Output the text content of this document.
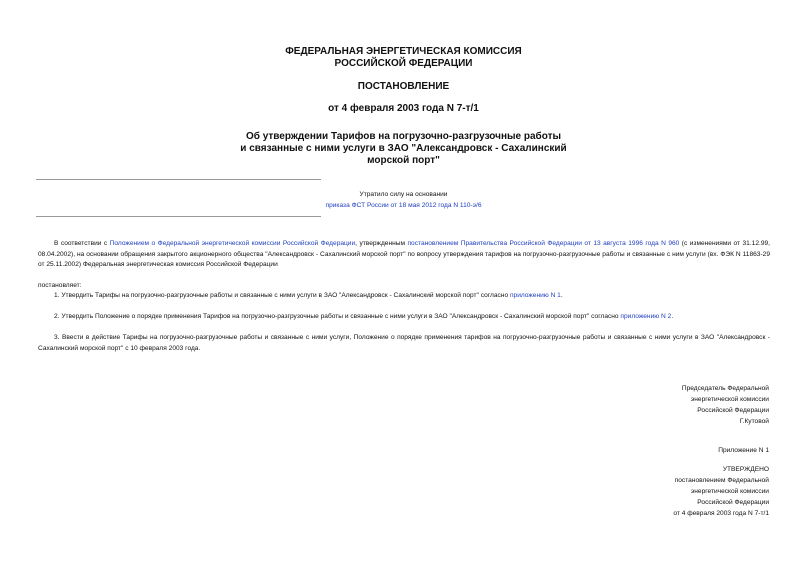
ФЕДЕРАЛЬНАЯ ЭНЕРГЕТИЧЕСКАЯ КОМИССИЯ
РОССИЙСКОЙ ФЕДЕРАЦИИ
ПОСТАНОВЛЕНИЕ
от 4 февраля 2003 года N 7-т/1
Об утверждении Тарифов на погрузочно-разгрузочные работы
и связанные с ними услуги в ЗАО "Александровск - Сахалинский
морской порт"
Утратило силу на основании
приказа ФСТ России от 18 мая 2012 года N 110-э/6
В соответствии с Положением о Федеральной энергетической комиссии Российской Федерации, утвержденным постановлением Правительства Российской Федерации от 13 августа 1996 года N 960 (с изменениями от 31.12.99, 08.04.2002), на основании обращения закрытого акционерного общества "Александровск - Сахалинский морской порт" по вопросу утверждения тарифов на погрузочно-разгрузочные работы и связанные с ним услуги (вх. ФЭК N 11863-29 от 25.11.2002) Федеральная энергетическая комиссия Российской Федерации
постановляет:
1. Утвердить Тарифы на погрузочно-разгрузочные работы и связанные с ними услуги в ЗАО "Александровск - Сахалинский морской порт" согласно приложению N 1.
2. Утвердить Положение о порядке применения Тарифов на погрузочно-разгрузочные работы и связанные с ними услуги в ЗАО "Александровск - Сахалинский морской порт" согласно приложению N 2.
3. Ввести в действие Тарифы на погрузочно-разгрузочные работы и связанные с ними услуги, Положение о порядке применения тарифов на погрузочно-разгрузочные работы и связанные с ними услуги в ЗАО "Александровск - Сахалинский морской порт" с 10 февраля 2003 года.
Председатель Федеральной
энергетической комиссии
Российской Федерации
Г.Кутовой
Приложение N 1
УТВЕРЖДЕНО
постановлением Федеральной
энергетической комиссии
Российской Федерации
от 4 февраля 2003 года N 7-т/1
